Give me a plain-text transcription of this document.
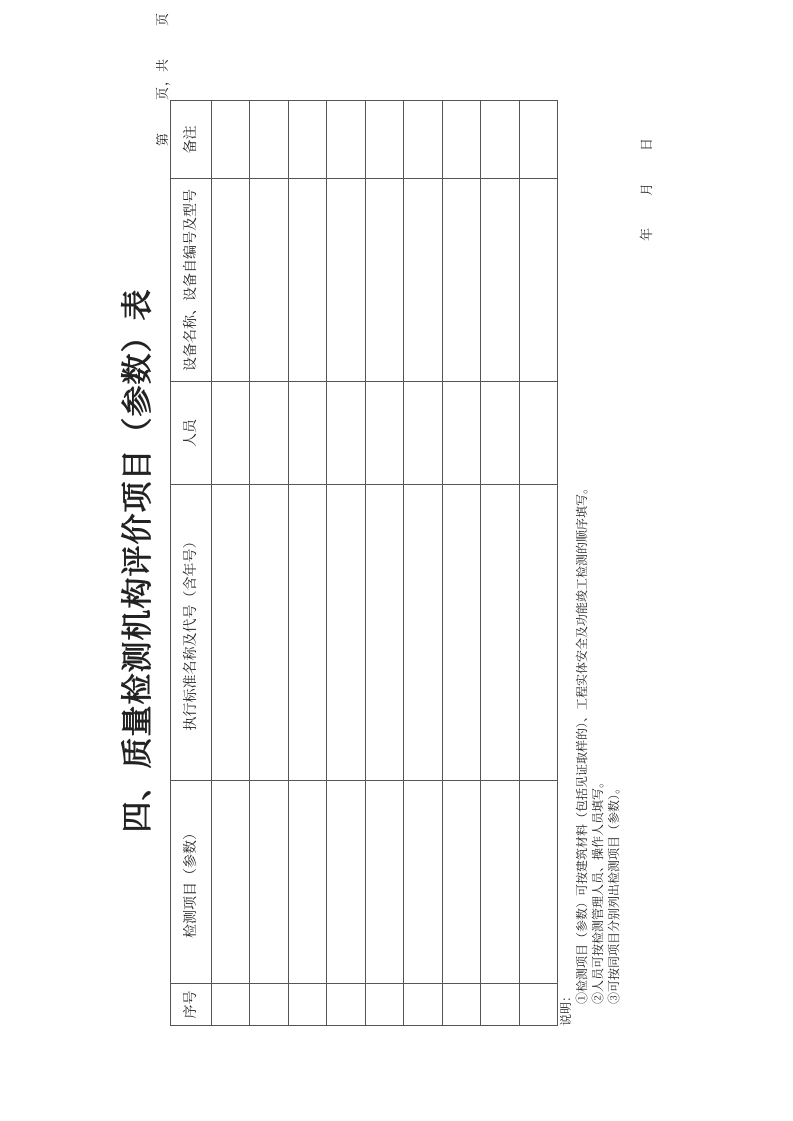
四、质量检测机构评价项目（参数）表
第页，共页
序号	检测项目（参数）	执行标准名称及代号（含年号）	人员	设备名称、设备自编号及型号	备注

说明：
①检测项目（参数）可按建筑材料（包括见证取样的）、工程实体安全及功能竣工检测的顺序填写。 ②人员可按检测管理人员、操作人员填写。 ③可按同项目分别列出检测项目（参数）。
年月日
